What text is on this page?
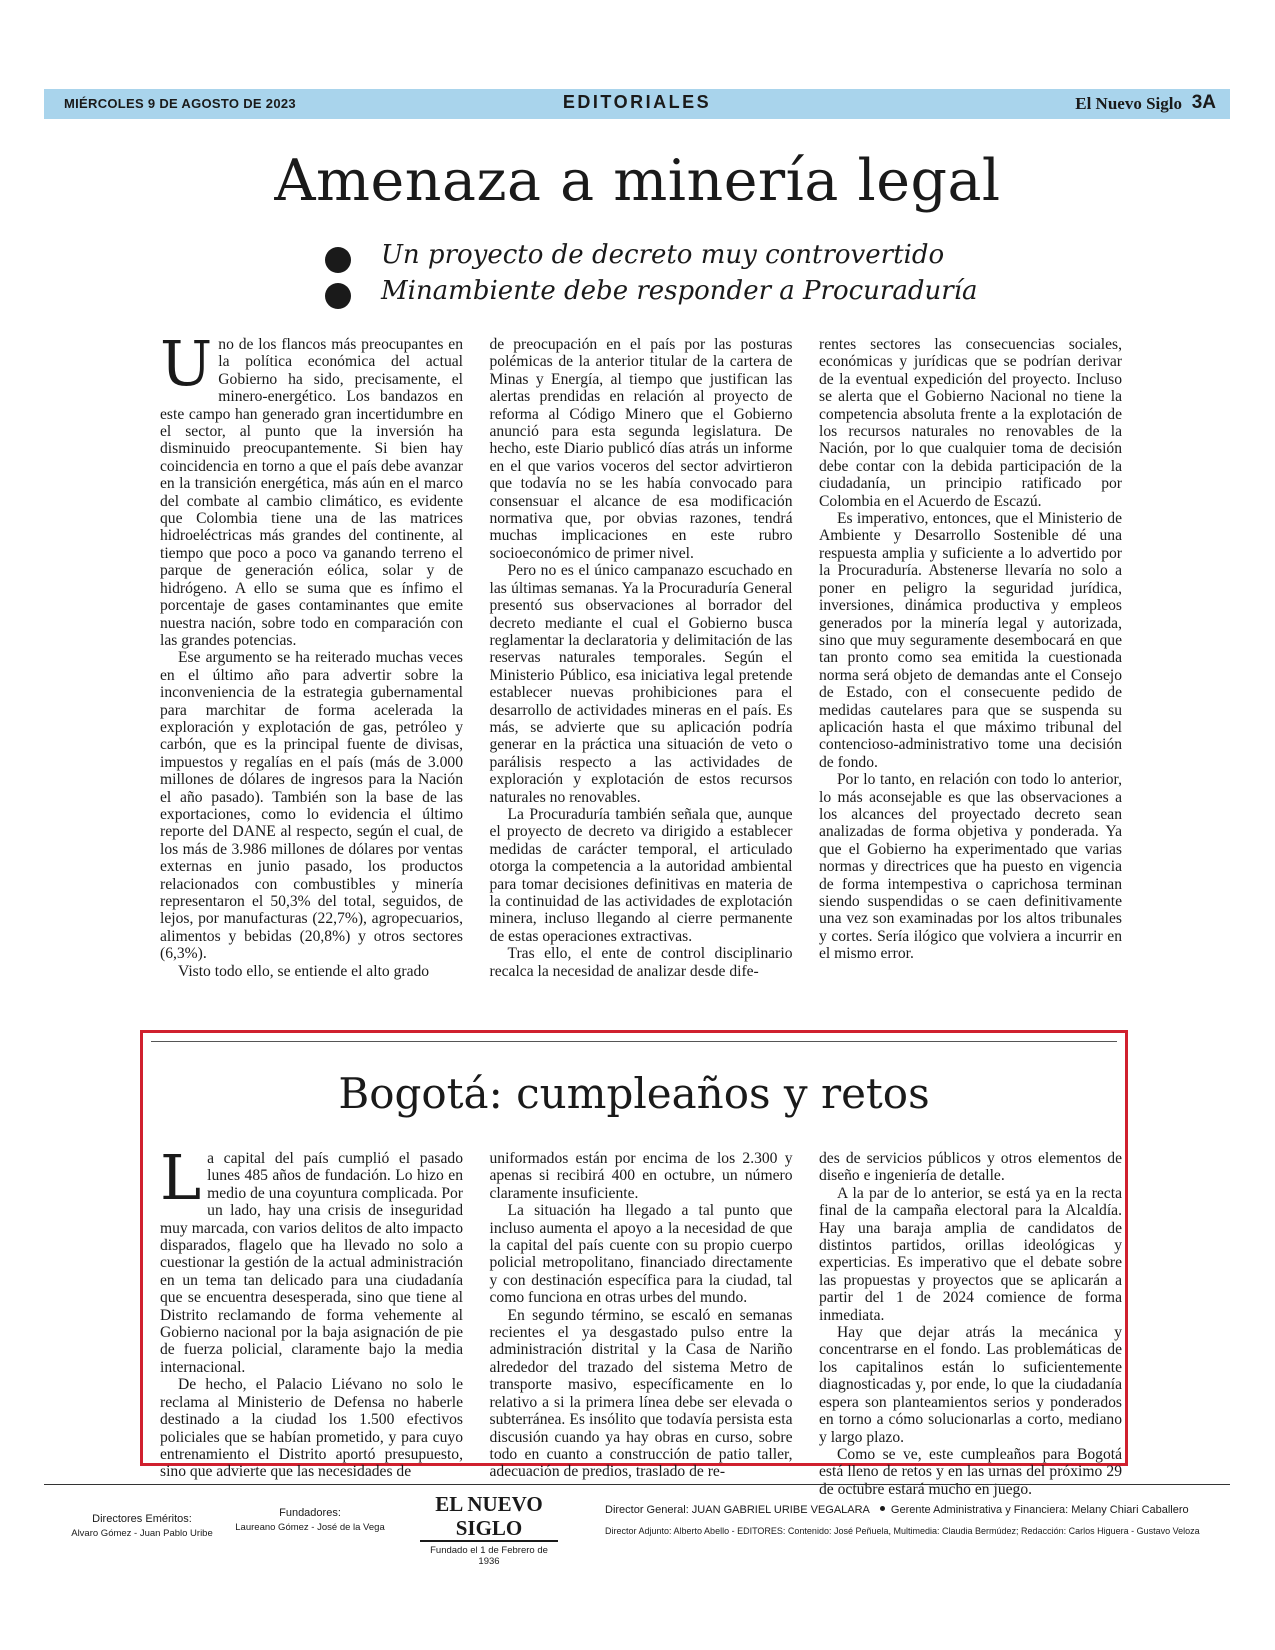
MIÉRCOLES 9 DE AGOSTO DE 2023	EDITORIALES	El Nuevo Siglo 3A
Amenaza a minería legal
Un proyecto de decreto muy controvertido
Minambiente debe responder a Procuraduría

Uno de los flancos más preocupantes en la política económica del actual Gobierno ha sido, precisamente, el minero-energético. Los bandazos en este campo han generado gran incertidumbre en el sector, al punto que la inversión ha disminuido preocupantemente. Si bien hay coincidencia en torno a que el país debe avanzar en la transición energética, más aún en el marco del combate al cambio climático, es evidente que Colombia tiene una de las matrices hidroeléctricas más grandes del continente, al tiempo que poco a poco va ganando terreno el parque de generación eólica, solar y de hidrógeno. A ello se suma que es ínfimo el porcentaje de gases contaminantes que emite nuestra nación, sobre todo en comparación con las grandes potencias.

Ese argumento se ha reiterado muchas veces en el último año para advertir sobre la inconveniencia de la estrategia gubernamental para marchitar de forma acelerada la exploración y explotación de gas, petróleo y carbón, que es la principal fuente de divisas, impuestos y regalías en el país (más de 3.000 millones de dólares de ingresos para la Nación el año pasado). También son la base de las exportaciones, como lo evidencia el último reporte del DANE al respecto, según el cual, de los más de 3.986 millones de dólares por ventas externas en junio pasado, los productos relacionados con combustibles y minería representaron el 50,3% del total, seguidos, de lejos, por manufacturas (22,7%), agropecuarios, alimentos y bebidas (20,8%) y otros sectores (6,3%).

Visto todo ello, se entiende el alto grado

de preocupación en el país por las posturas polémicas de la anterior titular de la cartera de Minas y Energía, al tiempo que justifican las alertas prendidas en relación al proyecto de reforma al Código Minero que el Gobierno anunció para esta segunda legislatura. De hecho, este Diario publicó días atrás un informe en el que varios voceros del sector advirtieron que todavía no se les había convocado para consensuar el alcance de esa modificación normativa que, por obvias razones, tendrá muchas implicaciones en este rubro socioeconómico de primer nivel.

Pero no es el único campanazo escuchado en las últimas semanas. Ya la Procuraduría General presentó sus observaciones al borrador del decreto mediante el cual el Gobierno busca reglamentar la declaratoria y delimitación de las reservas naturales temporales. Según el Ministerio Público, esa iniciativa legal pretende establecer nuevas prohibiciones para el desarrollo de actividades mineras en el país. Es más, se advierte que su aplicación podría generar en la práctica una situación de veto o parálisis respecto a las actividades de exploración y explotación de estos recursos naturales no renovables.

La Procuraduría también señala que, aunque el proyecto de decreto va dirigido a establecer medidas de carácter temporal, el articulado otorga la competencia a la autoridad ambiental para tomar decisiones definitivas en materia de la continuidad de las actividades de explotación minera, incluso llegando al cierre permanente de estas operaciones extractivas.

Tras ello, el ente de control disciplinario recalca la necesidad de analizar desde dife-

rentes sectores las consecuencias sociales, económicas y jurídicas que se podrían derivar de la eventual expedición del proyecto. Incluso se alerta que el Gobierno Nacional no tiene la competencia absoluta frente a la explotación de los recursos naturales no renovables de la Nación, por lo que cualquier toma de decisión debe contar con la debida participación de la ciudadanía, un principio ratificado por Colombia en el Acuerdo de Escazú.

Es imperativo, entonces, que el Ministerio de Ambiente y Desarrollo Sostenible dé una respuesta amplia y suficiente a lo advertido por la Procuraduría. Abstenerse llevaría no solo a poner en peligro la seguridad jurídica, inversiones, dinámica productiva y empleos generados por la minería legal y autorizada, sino que muy seguramente desembocará en que tan pronto como sea emitida la cuestionada norma será objeto de demandas ante el Consejo de Estado, con el consecuente pedido de medidas cautelares para que se suspenda su aplicación hasta el que máximo tribunal del contencioso-administrativo tome una decisión de fondo.

Por lo tanto, en relación con todo lo anterior, lo más aconsejable es que las observaciones a los alcances del proyectado decreto sean analizadas de forma objetiva y ponderada. Ya que el Gobierno ha experimentado que varias normas y directrices que ha puesto en vigencia de forma intempestiva o caprichosa terminan siendo suspendidas o se caen definitivamente una vez son examinadas por los altos tribunales y cortes. Sería ilógico que volviera a incurrir en el mismo error.

Bogotá: cumpleaños y retos

La capital del país cumplió el pasado lunes 485 años de fundación. Lo hizo en medio de una coyuntura complicada. Por un lado, hay una crisis de inseguridad muy marcada, con varios delitos de alto impacto disparados, flagelo que ha llevado no solo a cuestionar la gestión de la actual administración en un tema tan delicado para una ciudadanía que se encuentra desesperada, sino que tiene al Distrito reclamando de forma vehemente al Gobierno nacional por la baja asignación de pie de fuerza policial, claramente bajo la media internacional.

De hecho, el Palacio Liévano no solo le reclama al Ministerio de Defensa no haberle destinado a la ciudad los 1.500 efectivos policiales que se habían prometido, y para cuyo entrenamiento el Distrito aportó presupuesto, sino que advierte que las necesidades de

uniformados están por encima de los 2.300 y apenas si recibirá 400 en octubre, un número claramente insuficiente.

La situación ha llegado a tal punto que incluso aumenta el apoyo a la necesidad de que la capital del país cuente con su propio cuerpo policial metropolitano, financiado directamente y con destinación específica para la ciudad, tal como funciona en otras urbes del mundo.

En segundo término, se escaló en semanas recientes el ya desgastado pulso entre la administración distrital y la Casa de Nariño alrededor del trazado del sistema Metro de transporte masivo, específicamente en lo relativo a si la primera línea debe ser elevada o subterránea. Es insólito que todavía persista esta discusión cuando ya hay obras en curso, sobre todo en cuanto a construcción de patio taller, adecuación de predios, traslado de re-

des de servicios públicos y otros elementos de diseño e ingeniería de detalle.

A la par de lo anterior, se está ya en la recta final de la campaña electoral para la Alcaldía. Hay una baraja amplia de candidatos de distintos partidos, orillas ideológicas y experticias. Es imperativo que el debate sobre las propuestas y proyectos que se aplicarán a partir del 1 de 2024 comience de forma inmediata.

Hay que dejar atrás la mecánica y concentrarse en el fondo. Las problemáticas de los capitalinos están lo suficientemente diagnosticadas y, por ende, lo que la ciudadanía espera son planteamientos serios y ponderados en torno a cómo solucionarlas a corto, mediano y largo plazo.

Como se ve, este cumpleaños para Bogotá está lleno de retos y en las urnas del próximo 29 de octubre estará mucho en juego.

Directores Eméritos:
Alvaro Gómez - Juan Pablo Uribe
Fundadores:
Laureano Gómez - José de la Vega
EL NUEVO SIGLO
Fundado el 1 de Febrero de 1936
Director General: JUAN GABRIEL URIBE VEGALARA Gerente Administrativa y Financiera: Melany Chiari Caballero
Director Adjunto: Alberto Abello - EDITORES: Contenido: José Peñuela, Multimedia: Claudia Bermúdez; Redacción: Carlos Higuera - Gustavo Veloza
